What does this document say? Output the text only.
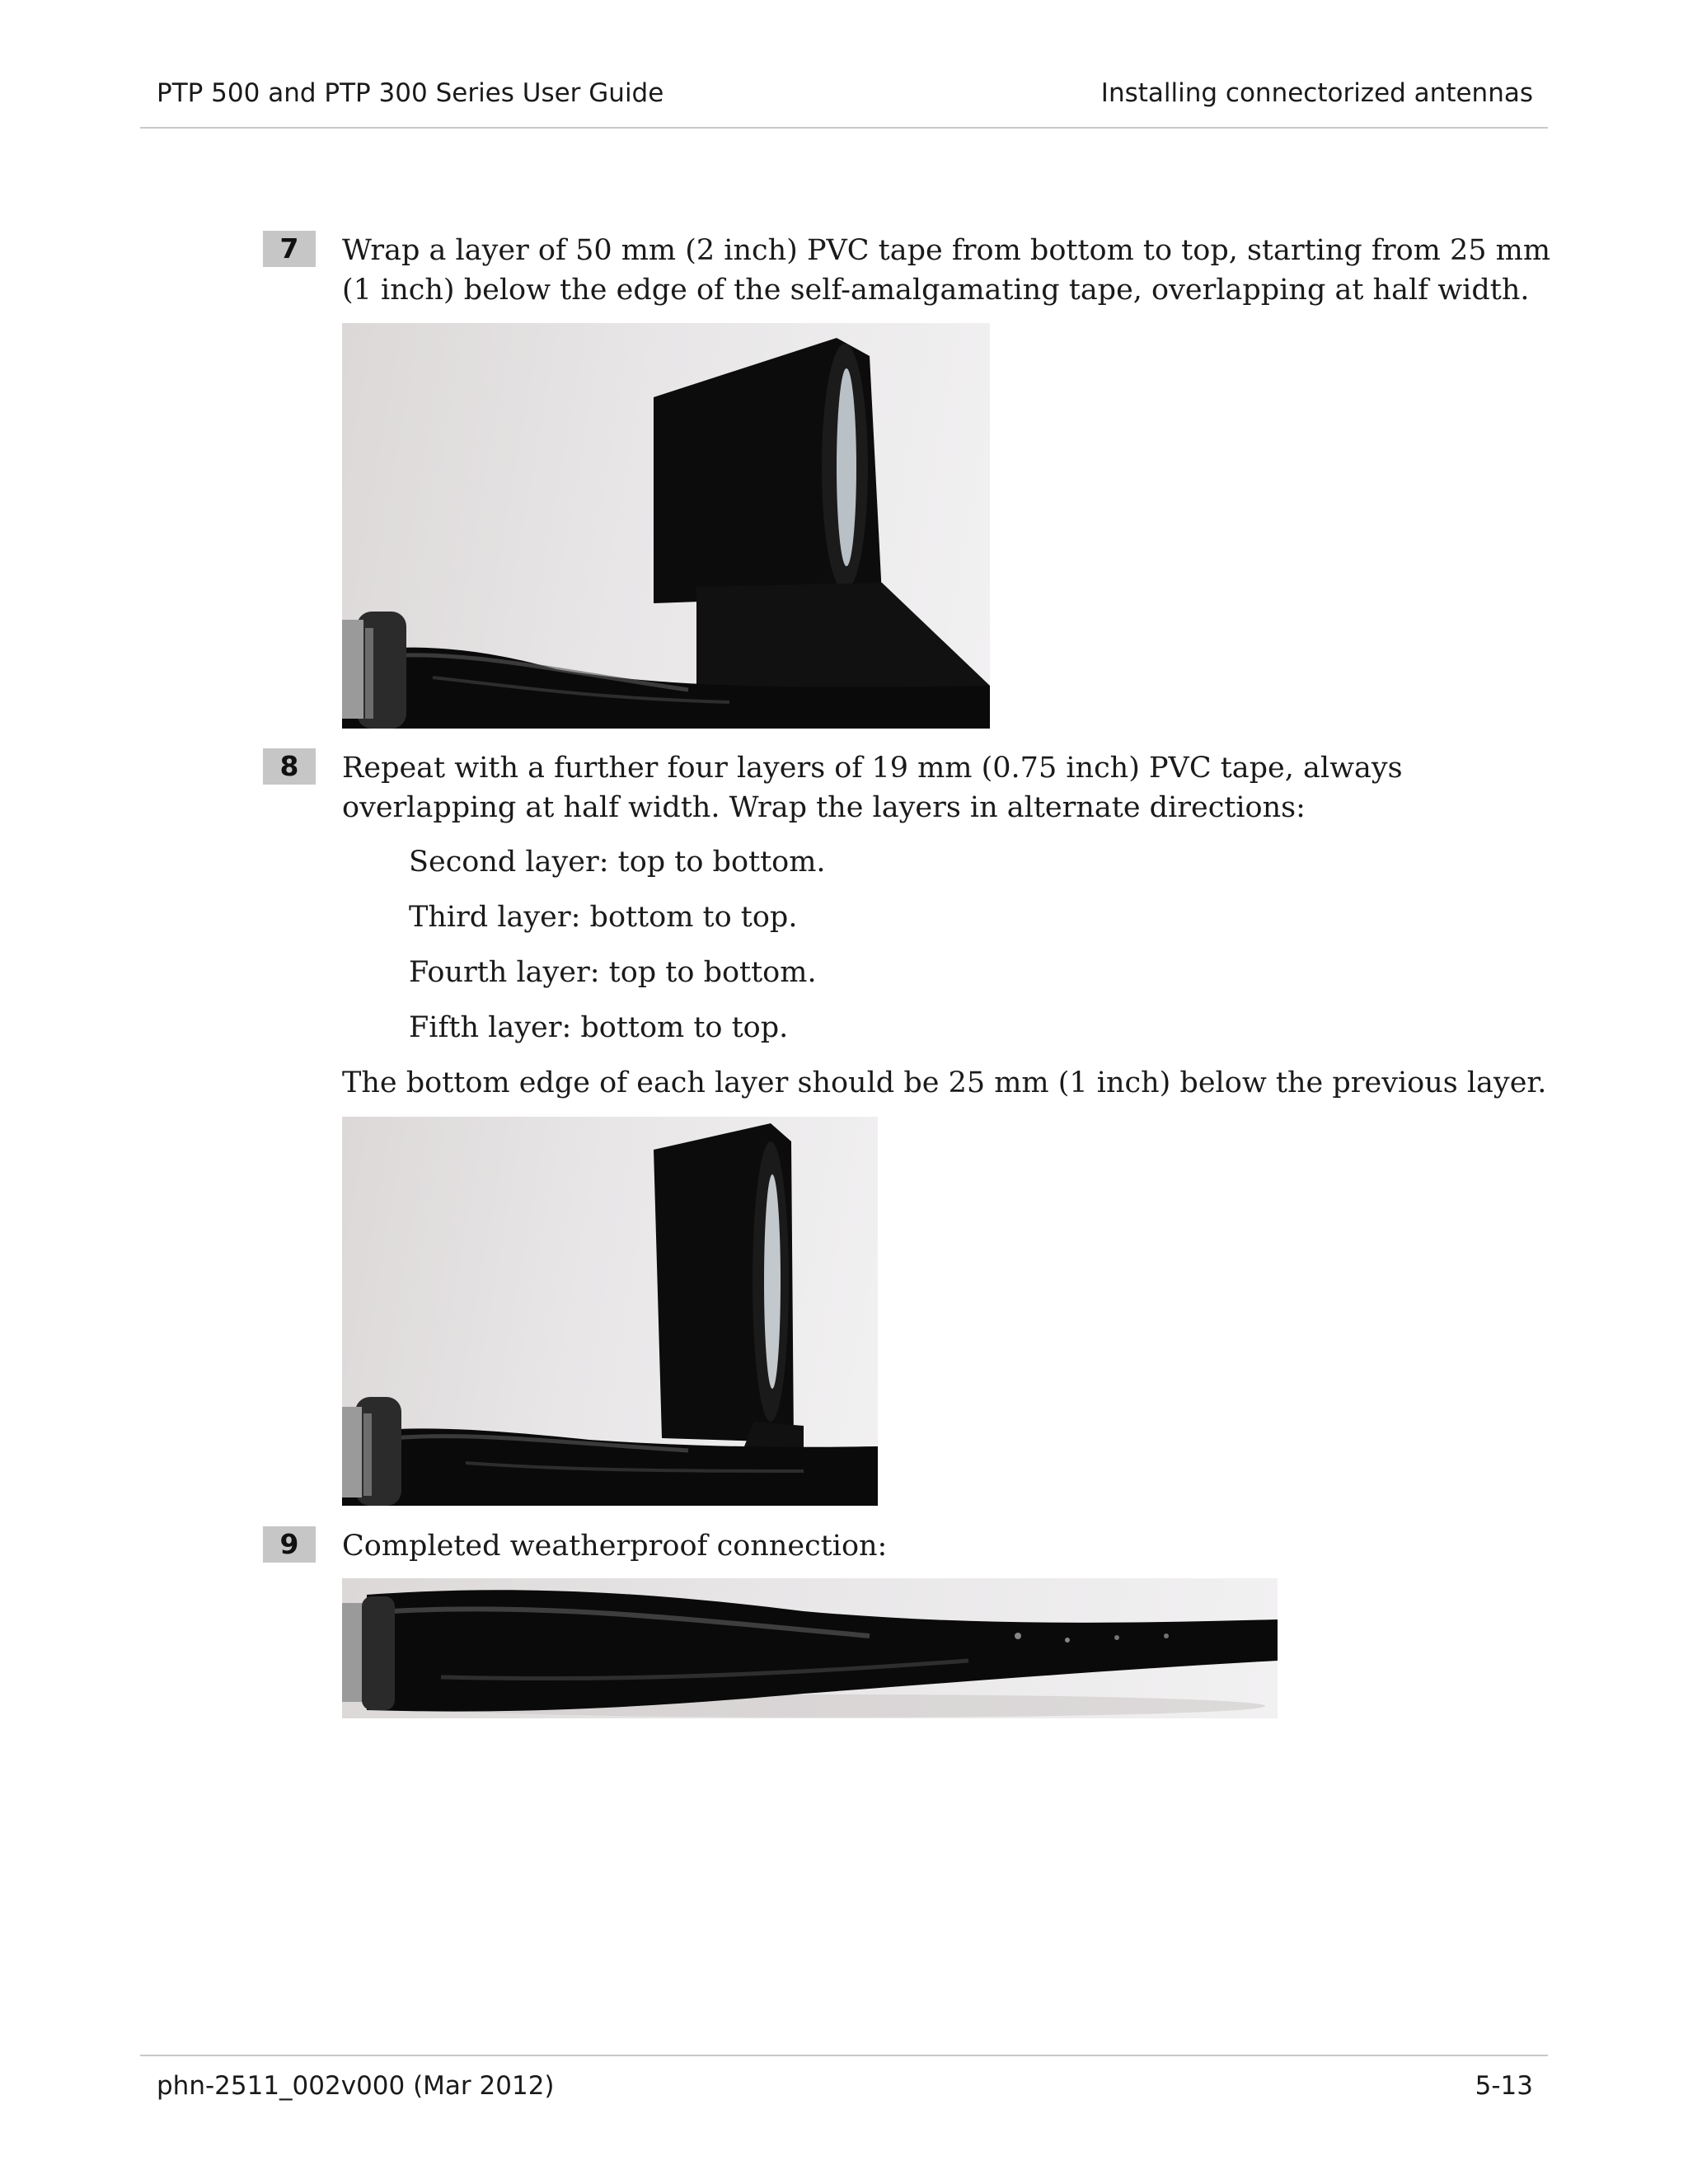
PTP 500 and PTP 300 Series User Guide	Installing connectorized antennas
7	Wrap a layer of 50 mm (2 inch) PVC tape from bottom to top, starting from 25 mm
(1 inch) below the edge of the self-amalgamating tape, overlapping at half width.
8	Repeat with a further four layers of 19 mm (0.75 inch) PVC tape, always
overlapping at half width. Wrap the layers in alternate directions:
Second layer: top to bottom.
Third layer: bottom to top.
Fourth layer: top to bottom.
Fifth layer: bottom to top.
The bottom edge of each layer should be 25 mm (1 inch) below the previous layer.
9	Completed weatherproof connection:
phn-2511_002v000 (Mar 2012)	5-13
